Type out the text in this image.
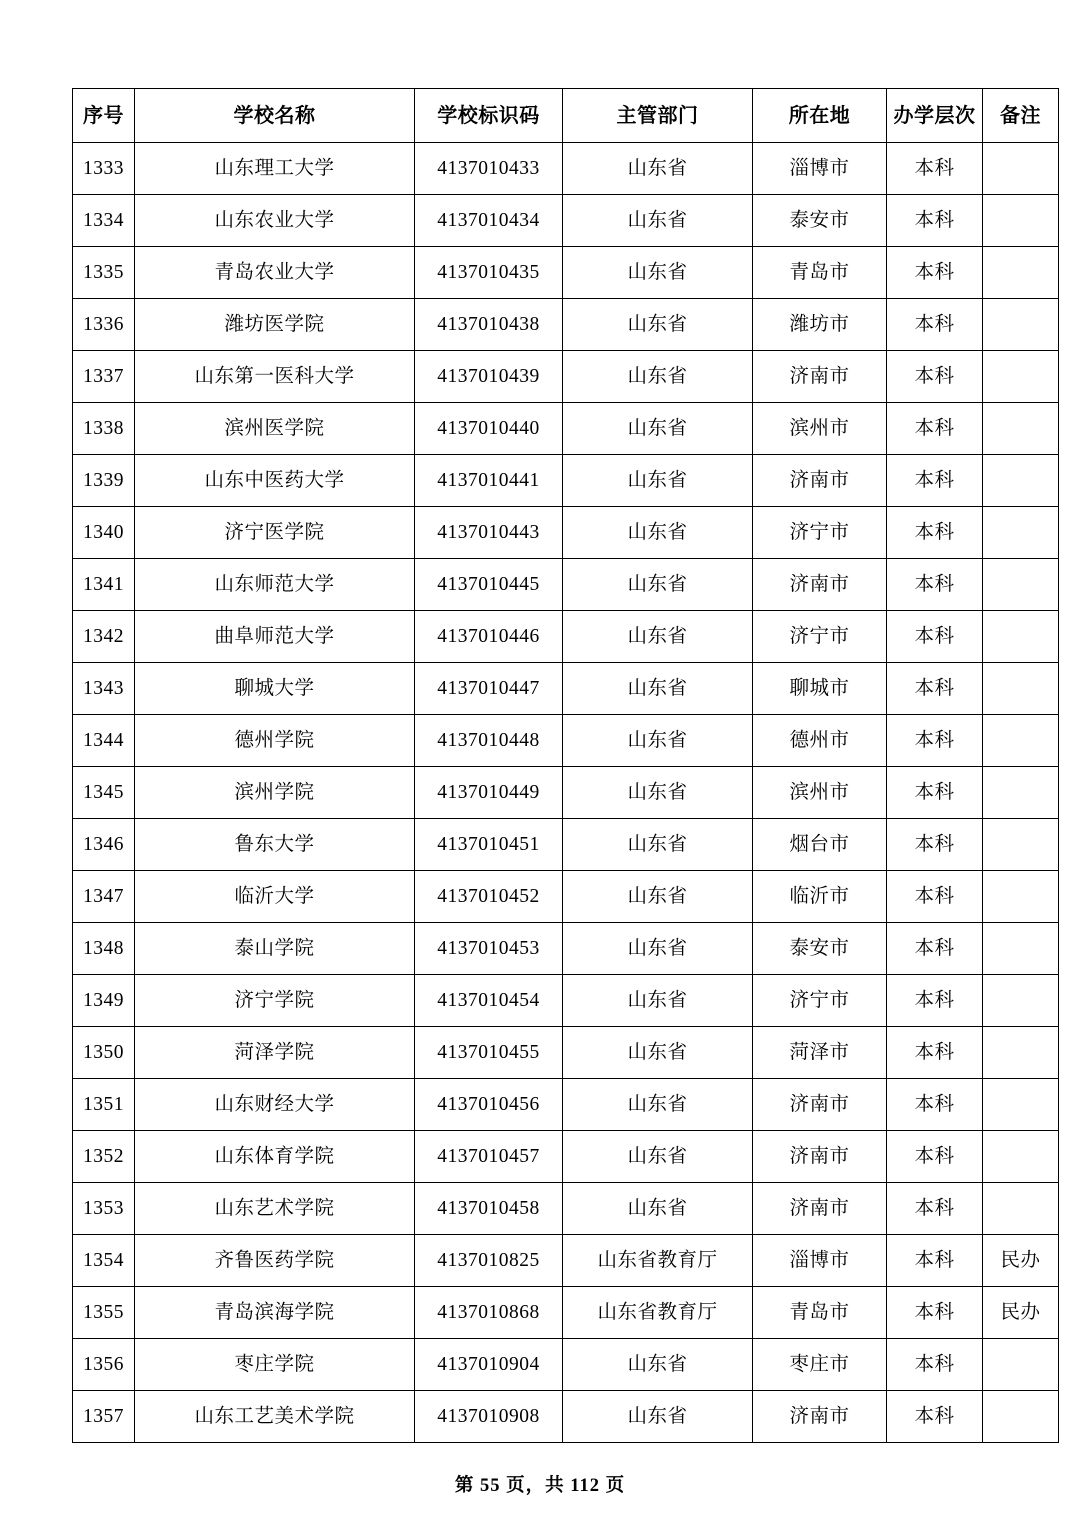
序号	学校名称	学校标识码	主管部门	所在地	办学层次	备注
1333	山东理工大学	4137010433	山东省	淄博市	本科	
1334	山东农业大学	4137010434	山东省	泰安市	本科	
1335	青岛农业大学	4137010435	山东省	青岛市	本科	
1336	潍坊医学院	4137010438	山东省	潍坊市	本科	
1337	山东第一医科大学	4137010439	山东省	济南市	本科	
1338	滨州医学院	4137010440	山东省	滨州市	本科	
1339	山东中医药大学	4137010441	山东省	济南市	本科	
1340	济宁医学院	4137010443	山东省	济宁市	本科	
1341	山东师范大学	4137010445	山东省	济南市	本科	
1342	曲阜师范大学	4137010446	山东省	济宁市	本科	
1343	聊城大学	4137010447	山东省	聊城市	本科	
1344	德州学院	4137010448	山东省	德州市	本科	
1345	滨州学院	4137010449	山东省	滨州市	本科	
1346	鲁东大学	4137010451	山东省	烟台市	本科	
1347	临沂大学	4137010452	山东省	临沂市	本科	
1348	泰山学院	4137010453	山东省	泰安市	本科	
1349	济宁学院	4137010454	山东省	济宁市	本科	
1350	菏泽学院	4137010455	山东省	菏泽市	本科	
1351	山东财经大学	4137010456	山东省	济南市	本科	
1352	山东体育学院	4137010457	山东省	济南市	本科	
1353	山东艺术学院	4137010458	山东省	济南市	本科	
1354	齐鲁医药学院	4137010825	山东省教育厅	淄博市	本科	民办
1355	青岛滨海学院	4137010868	山东省教育厅	青岛市	本科	民办
1356	枣庄学院	4137010904	山东省	枣庄市	本科	
1357	山东工艺美术学院	4137010908	山东省	济南市	本科	
第 55 页，共 112 页
